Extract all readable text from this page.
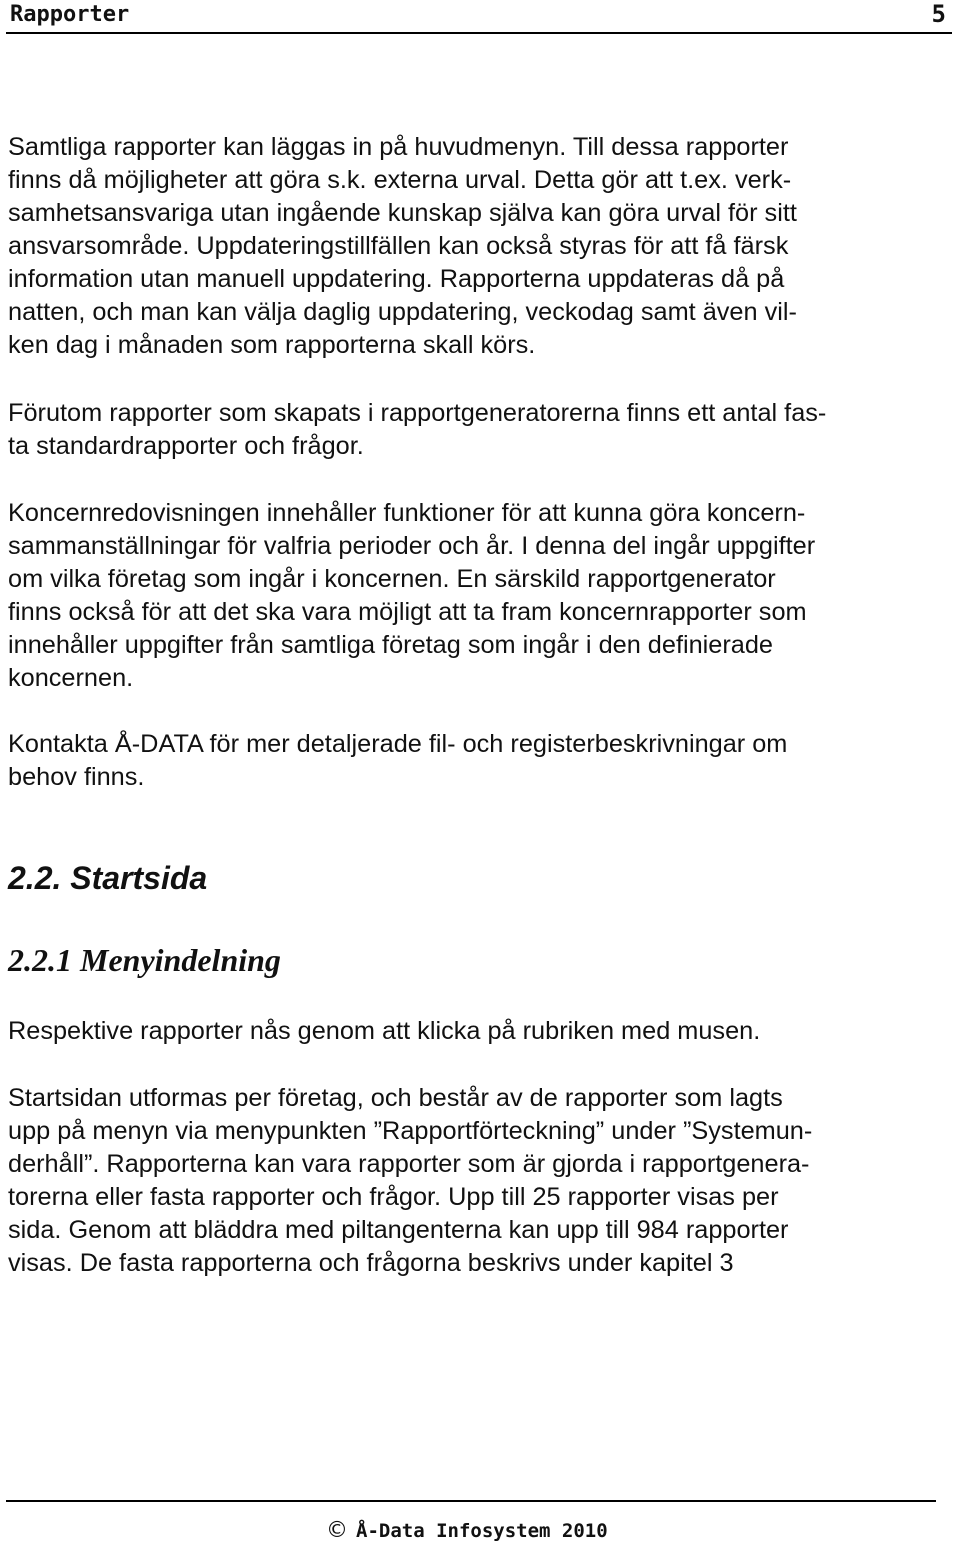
Rapporter	5

Samtliga rapporter kan läggas in på huvudmenyn. Till dessa rapporter
finns då möjligheter att göra s.k. externa urval. Detta gör att t.ex. verk-
samhetsansvariga utan ingående kunskap själva kan göra urval för sitt
ansvarsområde. Uppdateringstillfällen kan också styras för att få färsk
information utan manuell uppdatering. Rapporterna uppdateras då på
natten, och man kan välja daglig uppdatering, veckodag samt även vil-
ken dag i månaden som rapporterna skall körs.

Förutom rapporter som skapats i rapportgeneratorerna finns ett antal fas-
ta standardrapporter och frågor.

Koncernredovisningen innehåller funktioner för att kunna göra koncern-
sammanställningar för valfria perioder och år. I denna del ingår uppgifter
om vilka företag som ingår i koncernen. En särskild rapportgenerator
finns också för att det ska vara möjligt att ta fram koncernrapporter som
innehåller uppgifter från samtliga företag som ingår i den definierade
koncernen.

Kontakta Å-DATA för mer detaljerade fil- och registerbeskrivningar om
behov finns.

2.2. Startsida
2.2.1 Menyindelning

Respektive rapporter nås genom att klicka på rubriken med musen.

Startsidan utformas per företag, och består av de rapporter som lagts
upp på menyn via menypunkten ”Rapportförteckning” under ”Systemun-
derhåll”. Rapporterna kan vara rapporter som är gjorda i rapportgenera-
torerna eller fasta rapporter och frågor. Upp till 25 rapporter visas per
sida. Genom att bläddra med piltangenterna kan upp till 984 rapporter
visas. De fasta rapporterna och frågorna beskrivs under kapitel 3

© Å-Data Infosystem 2010
